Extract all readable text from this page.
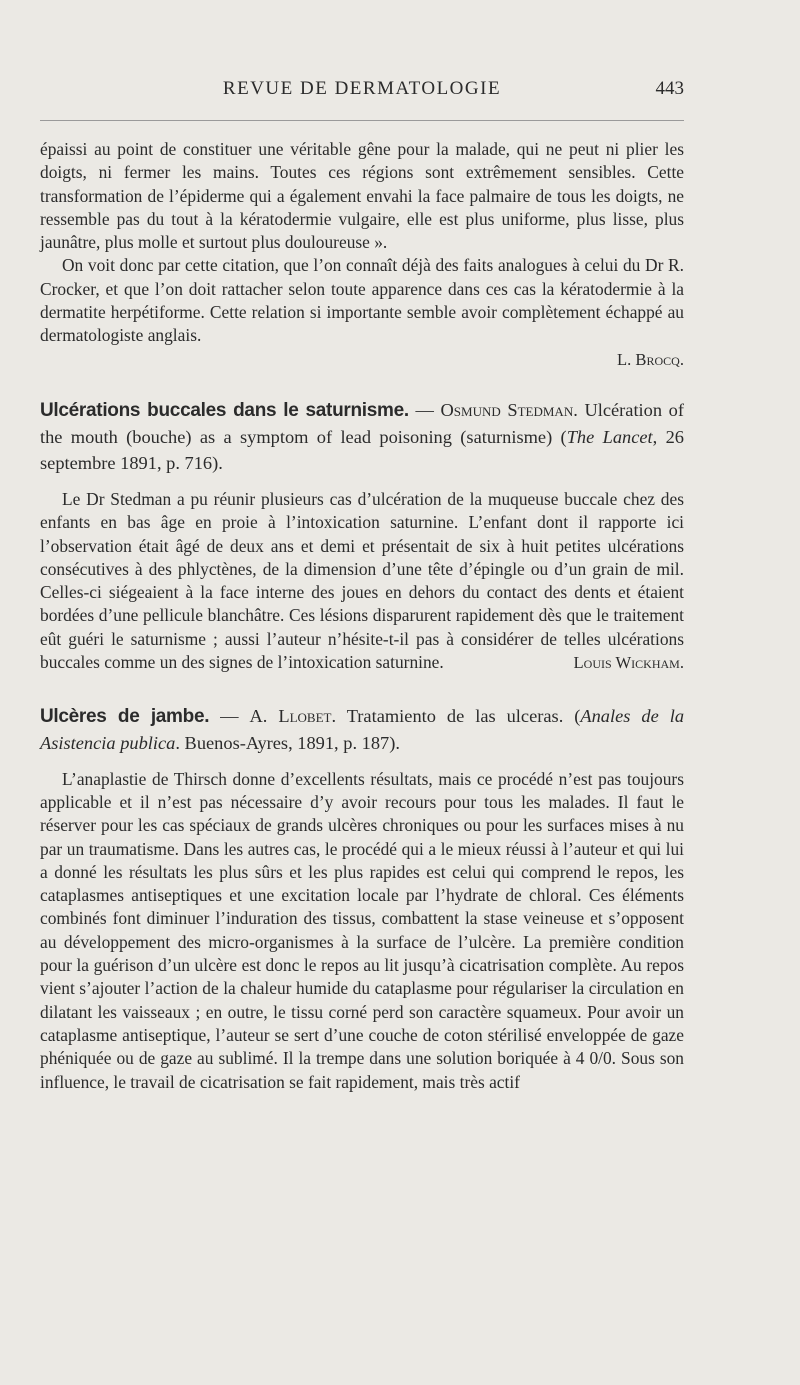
REVUE DE DERMATOLOGIE	443

épaissi au point de constituer une véritable gêne pour la malade, qui ne peut ni plier les doigts, ni fermer les mains. Toutes ces régions sont extrêmement sensibles. Cette transformation de l’épiderme qui a également envahi la face palmaire de tous les doigts, ne ressemble pas du tout à la kératodermie vulgaire, elle est plus uniforme, plus lisse, plus jaunâtre, plus molle et surtout plus douloureuse ».

On voit donc par cette citation, que l’on connaît déjà des faits analogues à celui du Dr R. Crocker, et que l’on doit rattacher selon toute apparence dans ces cas la kératodermie à la dermatite herpétiforme. Cette relation si importante semble avoir complètement échappé au dermatologiste anglais.

L. Brocq.

Ulcérations buccales dans le saturnisme. — Osmund Stedman. Ulcération of the mouth (bouche) as a symptom of lead poisoning (saturnisme) (The Lancet, 26 septembre 1891, p. 716).

Le Dr Stedman a pu réunir plusieurs cas d’ulcération de la muqueuse buccale chez des enfants en bas âge en proie à l’intoxication saturnine. L’enfant dont il rapporte ici l’observation était âgé de deux ans et demi et présentait de six à huit petites ulcérations consécutives à des phlyctènes, de la dimension d’une tête d’épingle ou d’un grain de mil. Celles-ci siégeaient à la face interne des joues en dehors du contact des dents et étaient bordées d’une pellicule blanchâtre. Ces lésions disparurent rapidement dès que le traitement eût guéri le saturnisme ; aussi l’auteur n’hésite-t-il pas à considérer de telles ulcérations buccales comme un des signes de l’intoxication saturnine.	Louis Wickham.

Ulcères de jambe. — A. Llobet. Tratamiento de las ulceras. (Anales de la Asistencia publica. Buenos-Ayres, 1891, p. 187).

L’anaplastie de Thirsch donne d’excellents résultats, mais ce procédé n’est pas toujours applicable et il n’est pas nécessaire d’y avoir recours pour tous les malades. Il faut le réserver pour les cas spéciaux de grands ulcères chroniques ou pour les surfaces mises à nu par un traumatisme. Dans les autres cas, le procédé qui a le mieux réussi à l’auteur et qui lui a donné les résultats les plus sûrs et les plus rapides est celui qui comprend le repos, les cataplasmes antiseptiques et une excitation locale par l’hydrate de chloral. Ces éléments combinés font diminuer l’induration des tissus, combattent la stase veineuse et s’opposent au développement des micro-organismes à la surface de l’ulcère. La première condition pour la guérison d’un ulcère est donc le repos au lit jusqu’à cicatrisation complète. Au repos vient s’ajouter l’action de la chaleur humide du cataplasme pour régulariser la circulation en dilatant les vaisseaux ; en outre, le tissu corné perd son caractère squameux. Pour avoir un cataplasme antiseptique, l’auteur se sert d’une couche de coton stérilisé enveloppée de gaze phéniquée ou de gaze au sublimé. Il la trempe dans une solution boriquée à 4 0/0. Sous son influence, le travail de cicatrisation se fait rapidement, mais très actif
